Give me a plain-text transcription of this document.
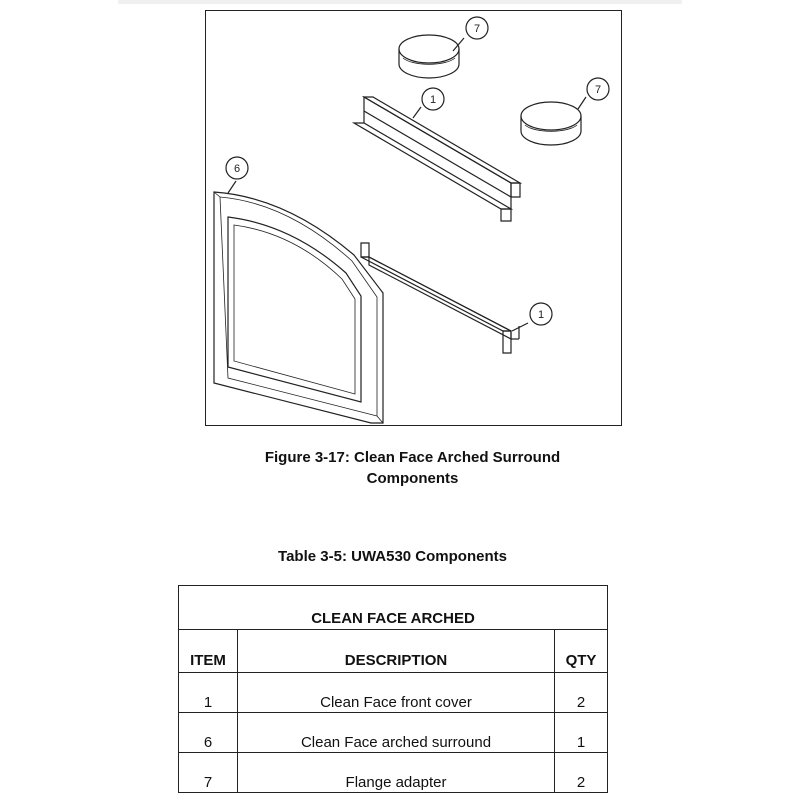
7
1
7
6
1
Figure 3-17: Clean Face Arched Surround
Components
Table 3-5: UWA530 Components
CLEAN FACE ARCHED		
ITEM	DESCRIPTION	QTY
1	Clean Face front cover	2
6	Clean Face arched surround	1
7	Flange adapter	2
